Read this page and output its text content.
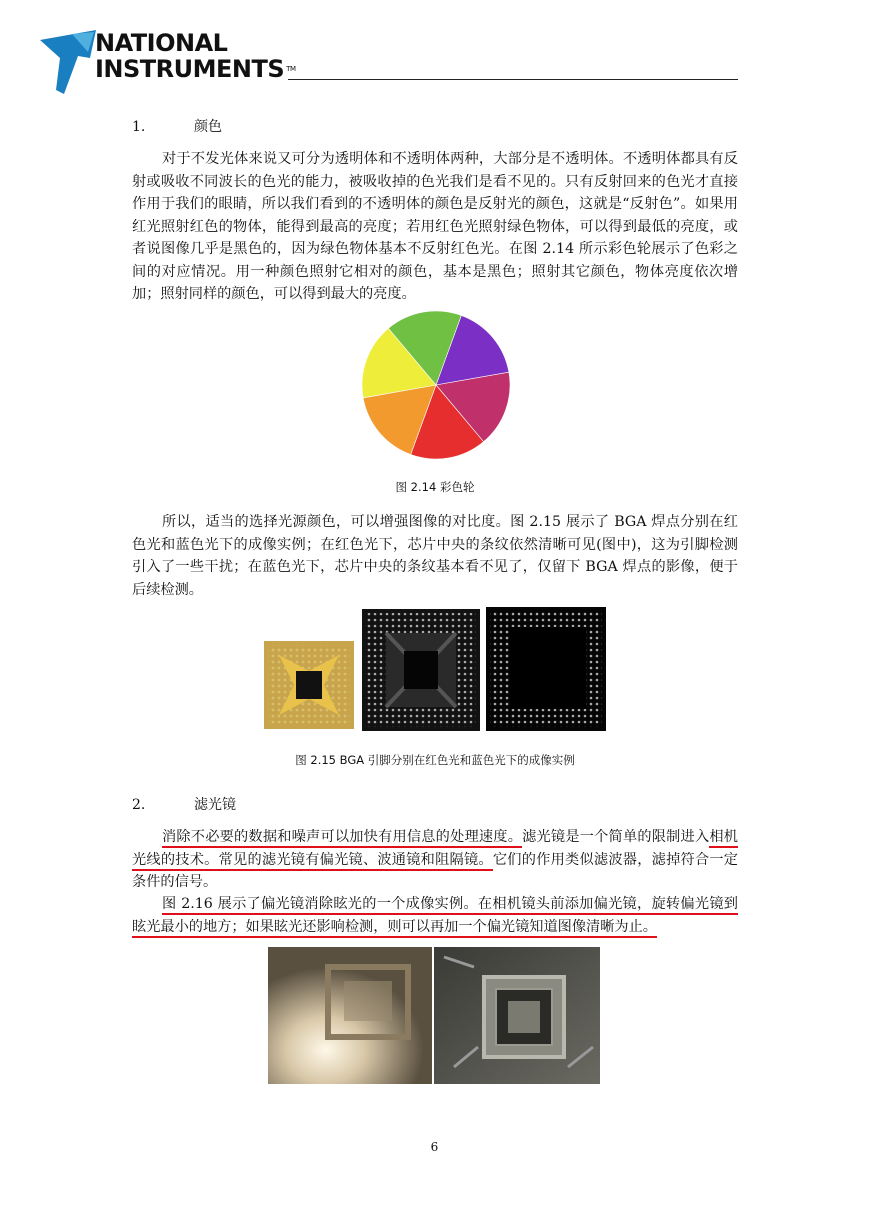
NATIONAL
INSTRUMENTS ™
1.	颜色

对于不发光体来说又可分为透明体和不透明体两种，大部分是不透明体。不透明体都具有反射或吸收不同波长的色光的能力，被吸收掉的色光我们是看不见的。只有反射回来的色光才直接作用于我们的眼睛，所以我们看到的不透明体的颜色是反射光的颜色，这就是“反射色”。如果用红光照射红色的物体，能得到最高的亮度；若用红色光照射绿色物体，可以得到最低的亮度，或者说图像几乎是黑色的，因为绿色物体基本不反射红色光。在图 2.14 所示彩色轮展示了色彩之间的对应情况。用一种颜色照射它相对的颜色，基本是黑色；照射其它颜色，物体亮度依次增加；照射同样的颜色，可以得到最大的亮度。

图 2.14 彩色轮

所以，适当的选择光源颜色，可以增强图像的对比度。图 2.15 展示了 BGA 焊点分别在红色光和蓝色光下的成像实例；在红色光下，芯片中央的条纹依然清晰可见(图中)，这为引脚检测引入了一些干扰；在蓝色光下，芯片中央的条纹基本看不见了，仅留下 BGA 焊点的影像，便于后续检测。

图 2.15 BGA 引脚分别在红色光和蓝色光下的成像实例
2.	滤光镜

消除不必要的数据和噪声可以加快有用信息的处理速度。滤光镜是一个简单的限制进入相机光线的技术。常见的滤光镜有偏光镜、波通镜和阻隔镜。它们的作用类似滤波器，滤掉符合一定条件的信号。

图 2.16 展示了偏光镜消除眩光的一个成像实例。在相机镜头前添加偏光镜，旋转偏光镜到眩光最小的地方；如果眩光还影响检测，则可以再加一个偏光镜知道图像清晰为止。

6
